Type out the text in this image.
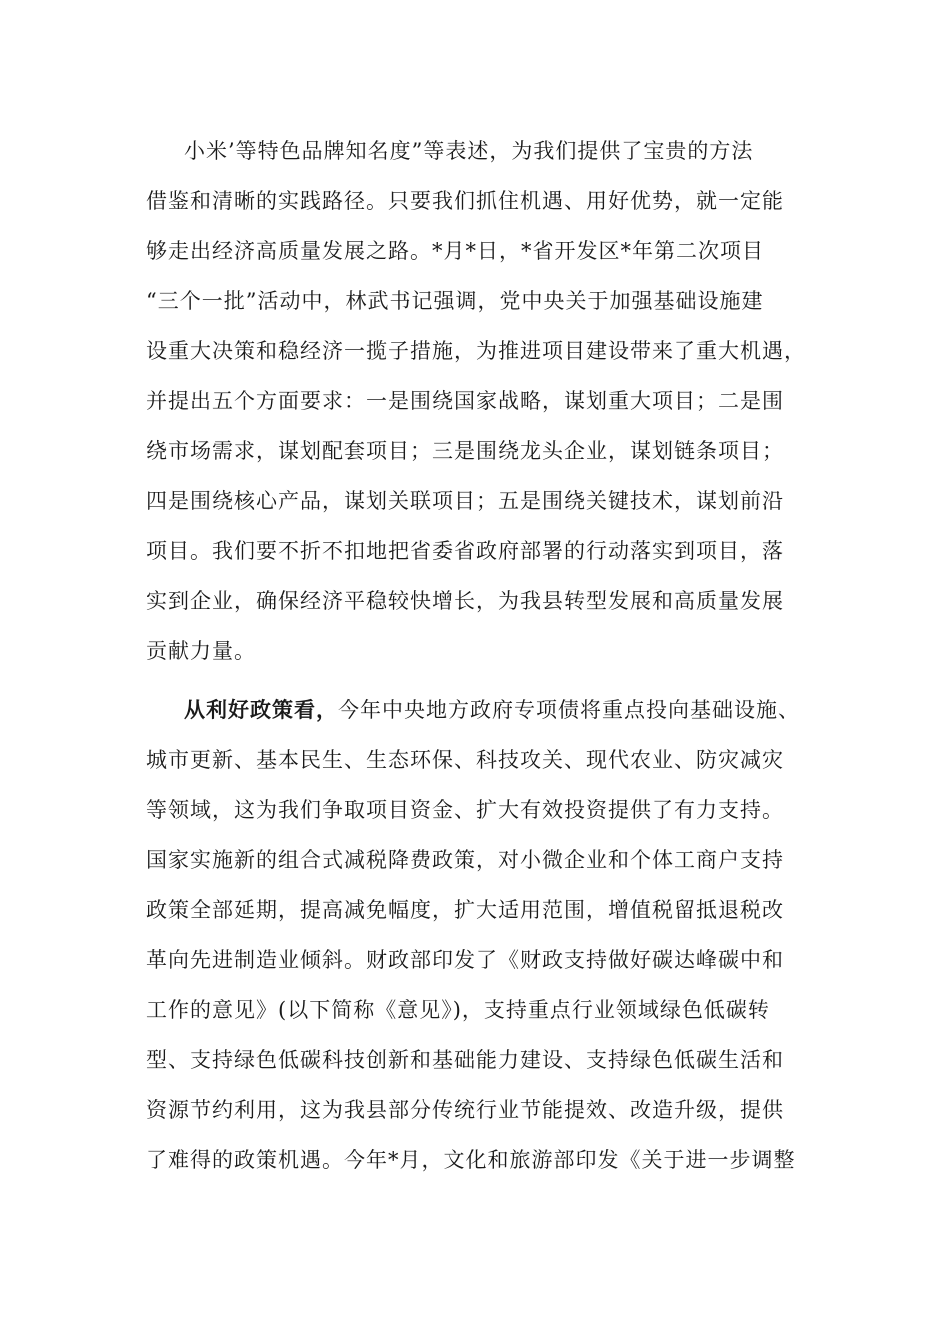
小米’等特色品牌知名度”等表述，为我们提供了宝贵的方法
借鉴和清晰的实践路径。只要我们抓住机遇、用好优势，就一定能
够走出经济高质量发展之路。*月*日，*省开发区*年第二次项目
“三个一批”活动中，林武书记强调，党中央关于加强基础设施建
设重大决策和稳经济一揽子措施，为推进项目建设带来了重大机遇，
并提出五个方面要求：一是围绕国家战略，谋划重大项目；二是围
绕市场需求，谋划配套项目；三是围绕龙头企业，谋划链条项目；
四是围绕核心产品，谋划关联项目；五是围绕关键技术，谋划前沿
项目。我们要不折不扣地把省委省政府部署的行动落实到项目，落
实到企业，确保经济平稳较快增长，为我县转型发展和高质量发展
贡献力量。
从利好政策看，今年中央地方政府专项债将重点投向基础设施、
城市更新、基本民生、生态环保、科技攻关、现代农业、防灾减灾
等领域，这为我们争取项目资金、扩大有效投资提供了有力支持。
国家实施新的组合式减税降费政策，对小微企业和个体工商户支持
政策全部延期，提高减免幅度，扩大适用范围，增值税留抵退税改
革向先进制造业倾斜。财政部印发了《财政支持做好碳达峰碳中和
工作的意见》(以下简称《意见》)，支持重点行业领域绿色低碳转
型、支持绿色低碳科技创新和基础能力建设、支持绿色低碳生活和
资源节约利用，这为我县部分传统行业节能提效、改造升级，提供
了难得的政策机遇。今年*月，文化和旅游部印发《关于进一步调整
